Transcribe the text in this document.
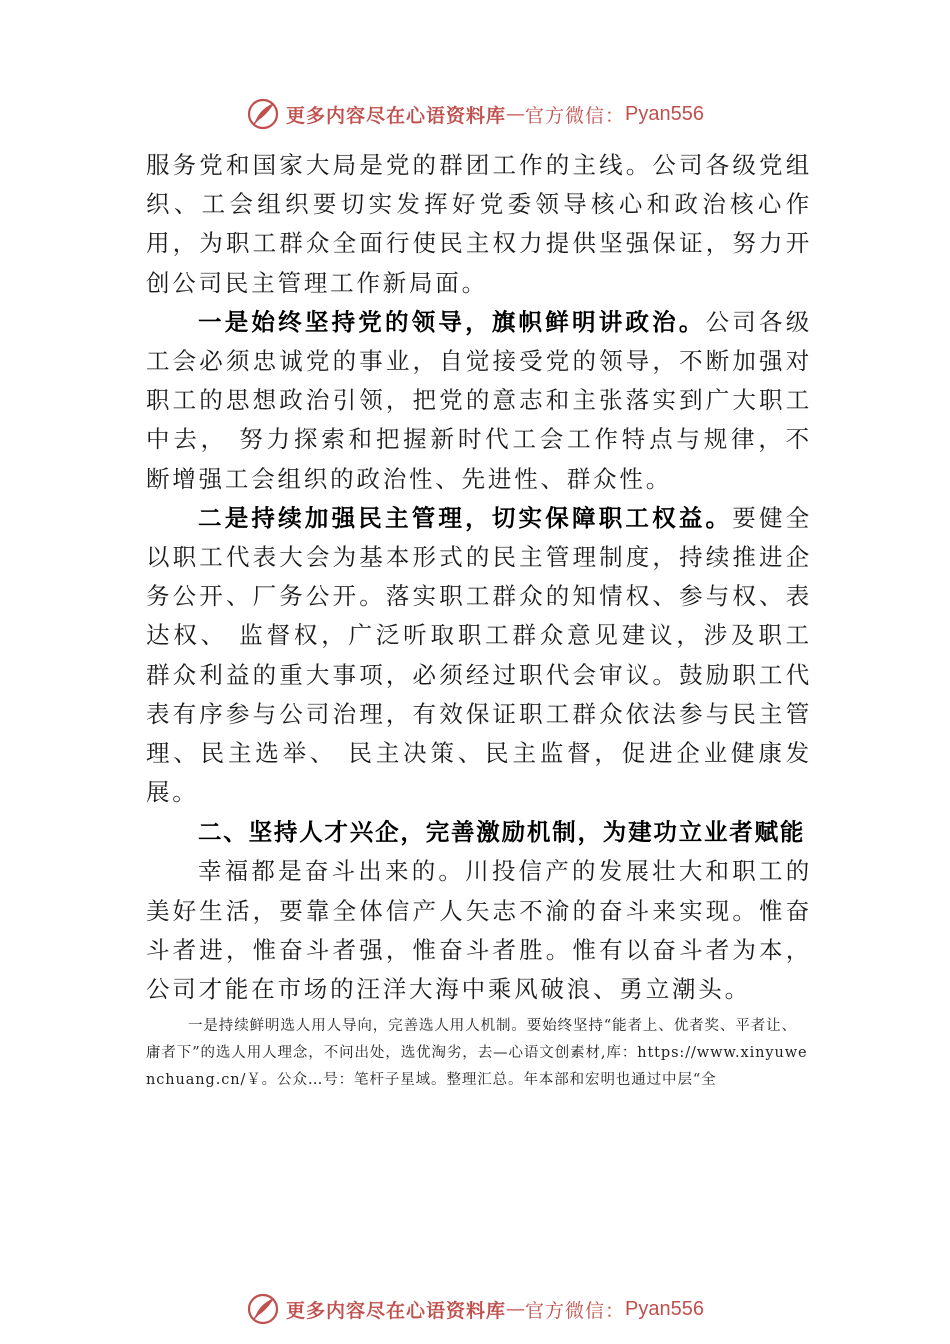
更多内容尽在心语资料库 — 官方微信： Pyan556

服务党和国家大局是党的群团工作的主线。公司各级党组织、工会组织要切实发挥好党委领导核心和政治核心作用，为职工群众全面行使民主权力提供坚强保证，努力开创公司民主管理工作新局面。

一是始终坚持党的领导，旗帜鲜明讲政治。公司各级工会必须忠诚党的事业，自觉接受党的领导，不断加强对职工的思想政治引领，把党的意志和主张落实到广大职工中去， 努力探索和把握新时代工会工作特点与规律，不断增强工会组织的政治性、先进性、群众性。

二是持续加强民主管理，切实保障职工权益。要健全以职工代表大会为基本形式的民主管理制度，持续推进企务公开、厂务公开。落实职工群众的知情权、参与权、表达权、 监督权，广泛听取职工群众意见建议，涉及职工群众利益的重大事项，必须经过职代会审议。鼓励职工代表有序参与公司治理，有效保证职工群众依法参与民主管理、民主选举、 民主决策、民主监督，促进企业健康发展。

二、坚持人才兴企，完善激励机制，为建功立业者赋能

幸福都是奋斗出来的。川投信产的发展壮大和职工的美好生活，要靠全体信产人矢志不渝的奋斗来实现。惟奋斗者进，惟奋斗者强，惟奋斗者胜。惟有以奋斗者为本，公司才能在市场的汪洋大海中乘风破浪、勇立潮头。

一是持续鲜明选人用人导向，完善选人用人机制。要始终坚持“能者上、优者奖、平者让、庸者下”的选人用人理念，不问出处，选优淘劣，去—心语文创素材,库：https://www.xinyuwenchuang.cn/￥。公众…号：笔杆子星域。整理汇总。年本部和宏明也通过中层“全

更多内容尽在心语资料库 — 官方微信： Pyan556
